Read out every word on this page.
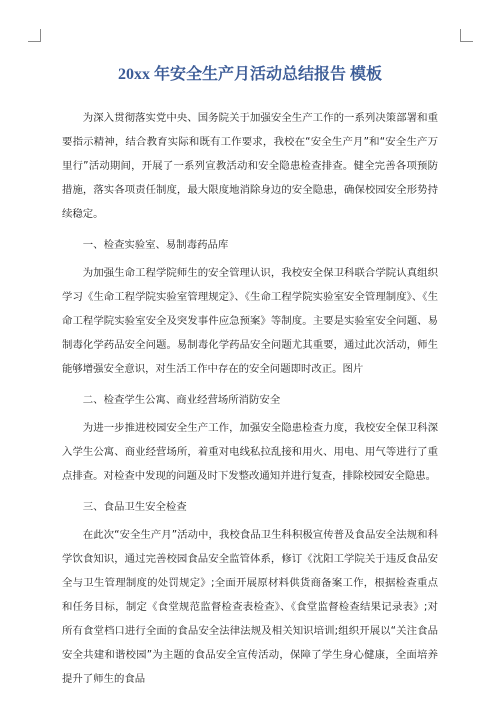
20xx 年安全生产月活动总结报告 模板

为深入贯彻落实党中央、国务院关于加强安全生产工作的一系列决策部署和重要指示精神，结合教育实际和既有工作要求，我校在“安全生产月”和“安全生产万里行”活动期间，开展了一系列宣教活动和安全隐患检查排查。健全完善各项预防措施，落实各项责任制度，最大限度地消除身边的安全隐患，确保校园安全形势持续稳定。

一、检查实验室、易制毒药品库

为加强生命工程学院师生的安全管理认识，我校安全保卫科联合学院认真组织学习《生命工程学院实验室管理规定》、《生命工程学院实验室安全管理制度》、《生命工程学院实验室安全及突发事件应急预案》等制度。主要是实验室安全问题、易制毒化学药品安全问题。易制毒化学药品安全问题尤其重要，通过此次活动，师生能够增强安全意识，对生活工作中存在的安全问题即时改正。图片

二、检查学生公寓、商业经营场所消防安全

为进一步推进校园安全生产工作，加强安全隐患检查力度，我校安全保卫科深入学生公寓、商业经营场所，着重对电线私拉乱接和用火、用电、用气等进行了重点排查。对检查中发现的问题及时下发整改通知并进行复查，排除校园安全隐患。

三、食品卫生安全检查

在此次“安全生产月”活动中，我校食品卫生科积极宣传普及食品安全法规和科学饮食知识，通过完善校园食品安全监管体系，修订《沈阳工学院关于违反食品安全与卫生管理制度的处罚规定》;全面开展原材料供货商备案工作，根据检查重点和任务目标，制定《食堂规范监督检查表检查》、《食堂监督检查结果记录表》;对所有食堂档口进行全面的食品安全法律法规及相关知识培训;组织开展以“关注食品安全共建和谐校园”为主题的食品安全宣传活动，保障了学生身心健康，全面培养提升了师生的食品
